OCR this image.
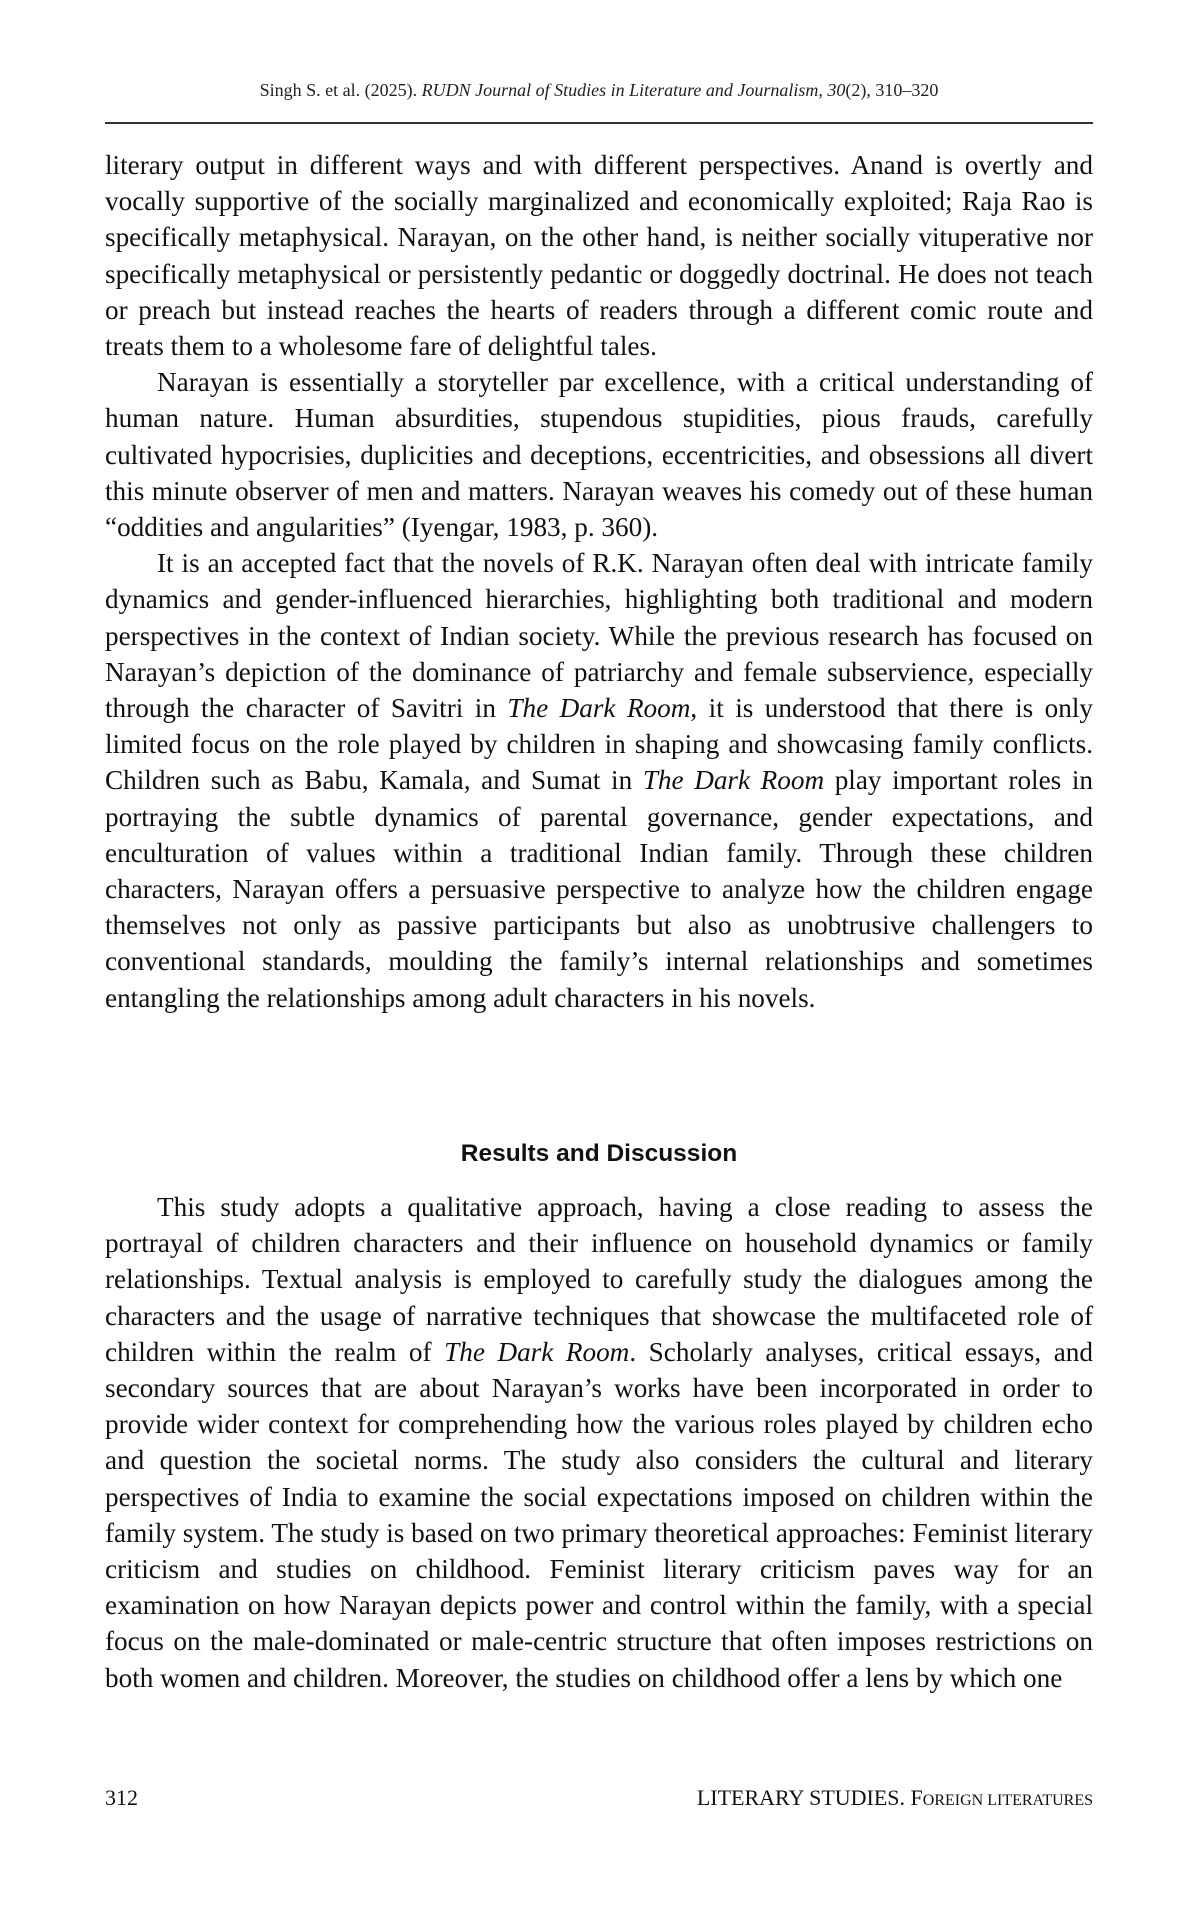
Singh S. et al. (2025). RUDN Journal of Studies in Literature and Journalism, 30(2), 310–320

literary output in different ways and with different perspectives. Anand is overtly and vocally supportive of the socially marginalized and economically exploited; Raja Rao is specifically metaphysical. Narayan, on the other hand, is neither socially vituperative nor specifically metaphysical or persistently pedantic or doggedly doctrinal. He does not teach or preach but instead reaches the hearts of readers through a different comic route and treats them to a wholesome fare of delightful tales.

Narayan is essentially a storyteller par excellence, with a critical understanding of human nature. Human absurdities, stupendous stupidities, pious frauds, carefully cultivated hypocrisies, duplicities and deceptions, eccentricities, and obsessions all divert this minute observer of men and matters. Narayan weaves his comedy out of these human “oddities and angularities” (Iyengar, 1983, p. 360).

It is an accepted fact that the novels of R.K. Narayan often deal with intricate family dynamics and gender-influenced hierarchies, highlighting both traditional and modern perspectives in the context of Indian society. While the previous research has focused on Narayan’s depiction of the dominance of patriarchy and female subservience, especially through the character of Savitri in The Dark Room, it is understood that there is only limited focus on the role played by children in shaping and showcasing family conflicts. Children such as Babu, Kamala, and Sumat in The Dark Room play important roles in portraying the subtle dynamics of parental governance, gender expectations, and enculturation of values within a traditional Indian family. Through these children characters, Narayan offers a persuasive perspective to analyze how the children engage themselves not only as passive participants but also as unobtrusive challengers to conventional standards, moulding the family’s internal relationships and sometimes entangling the relationships among adult characters in his novels.

Results and Discussion

This study adopts a qualitative approach, having a close reading to assess the portrayal of children characters and their influence on household dynamics or family relationships. Textual analysis is employed to carefully study the dialogues among the characters and the usage of narrative techniques that showcase the multifaceted role of children within the realm of The Dark Room. Scholarly analyses, critical essays, and secondary sources that are about Narayan’s works have been incorporated in order to provide wider context for comprehending how the various roles played by children echo and question the societal norms. The study also considers the cultural and literary perspectives of India to examine the social expectations imposed on children within the family system. The study is based on two primary theoretical approaches: Feminist literary criticism and studies on childhood. Feminist literary criticism paves way for an examination on how Narayan depicts power and control within the family, with a special focus on the male-dominated or male-centric structure that often imposes restrictions on both women and children. Moreover, the studies on childhood offer a lens by which one

312	LITERARY STUDIES. FOREIGN LITERATURES
